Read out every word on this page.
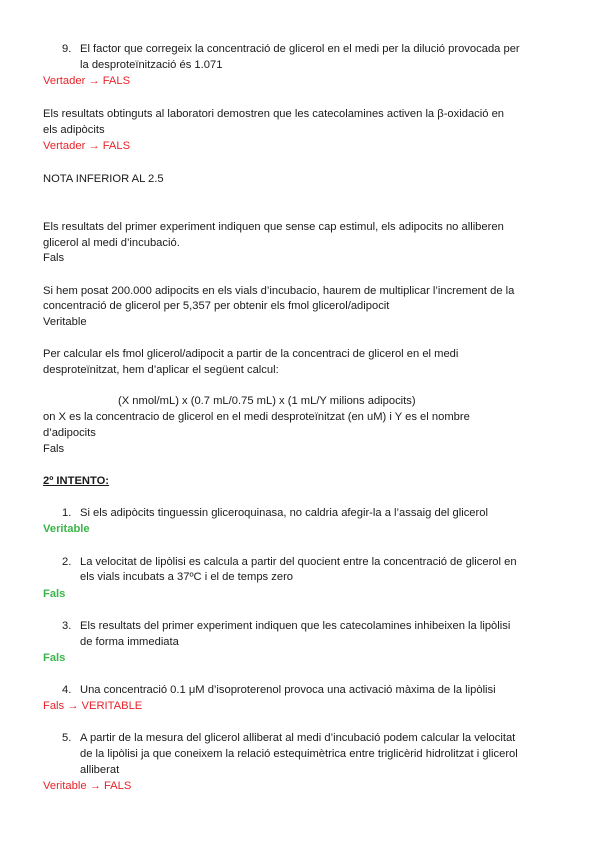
9. El factor que corregeix la concentració de glicerol en el medi per la dilució provocada per
la desproteïnització és 1.071
Vertader → FALS
Els resultats obtinguts al laboratori demostren que les catecolamines activen la β-oxidació en
els adipòcits
Vertader → FALS
NOTA INFERIOR AL 2.5
Els resultats del primer experiment indiquen que sense cap estimul, els adipocits no alliberen
glicerol al medi d’incubació.
Fals
Si hem posat 200.000 adipocits en els vials d’incubacio, haurem de multiplicar l’increment de la
concentració de glicerol per 5,357 per obtenir els fmol glicerol/adipocit
Veritable
Per calcular els fmol glicerol/adipocit a partir de la concentraci de glicerol en el medi
desproteïnitzat, hem d’aplicar el següent calcul:
(X nmol/mL) x (0.7 mL/0.75 mL) x (1 mL/Y milions adipocits)
on X es la concentracio de glicerol en el medi desproteïnitzat (en uM) i Y es el nombre
d’adipocits
Fals
2º INTENTO:
1. Si els adipòcits tinguessin gliceroquinasa, no caldria afegir-la a l’assaig del glicerol
Veritable
2. La velocitat de lipòlisi es calcula a partir del quocient entre la concentració de glicerol en
els vials incubats a 37ºC i el de temps zero
Fals
3. Els resultats del primer experiment indiquen que les catecolamines inhibeixen la lipòlisi
de forma immediata
Fals
4. Una concentració 0.1 μM d’isoproterenol provoca una activació màxima de la lipòlisi
Fals → VERITABLE
5. A partir de la mesura del glicerol alliberat al medi d’incubació podem calcular la velocitat
de la lipòlisi ja que coneixem la relació estequimètrica entre triglicèrid hidrolitzat i glicerol
alliberat
Veritable → FALS
